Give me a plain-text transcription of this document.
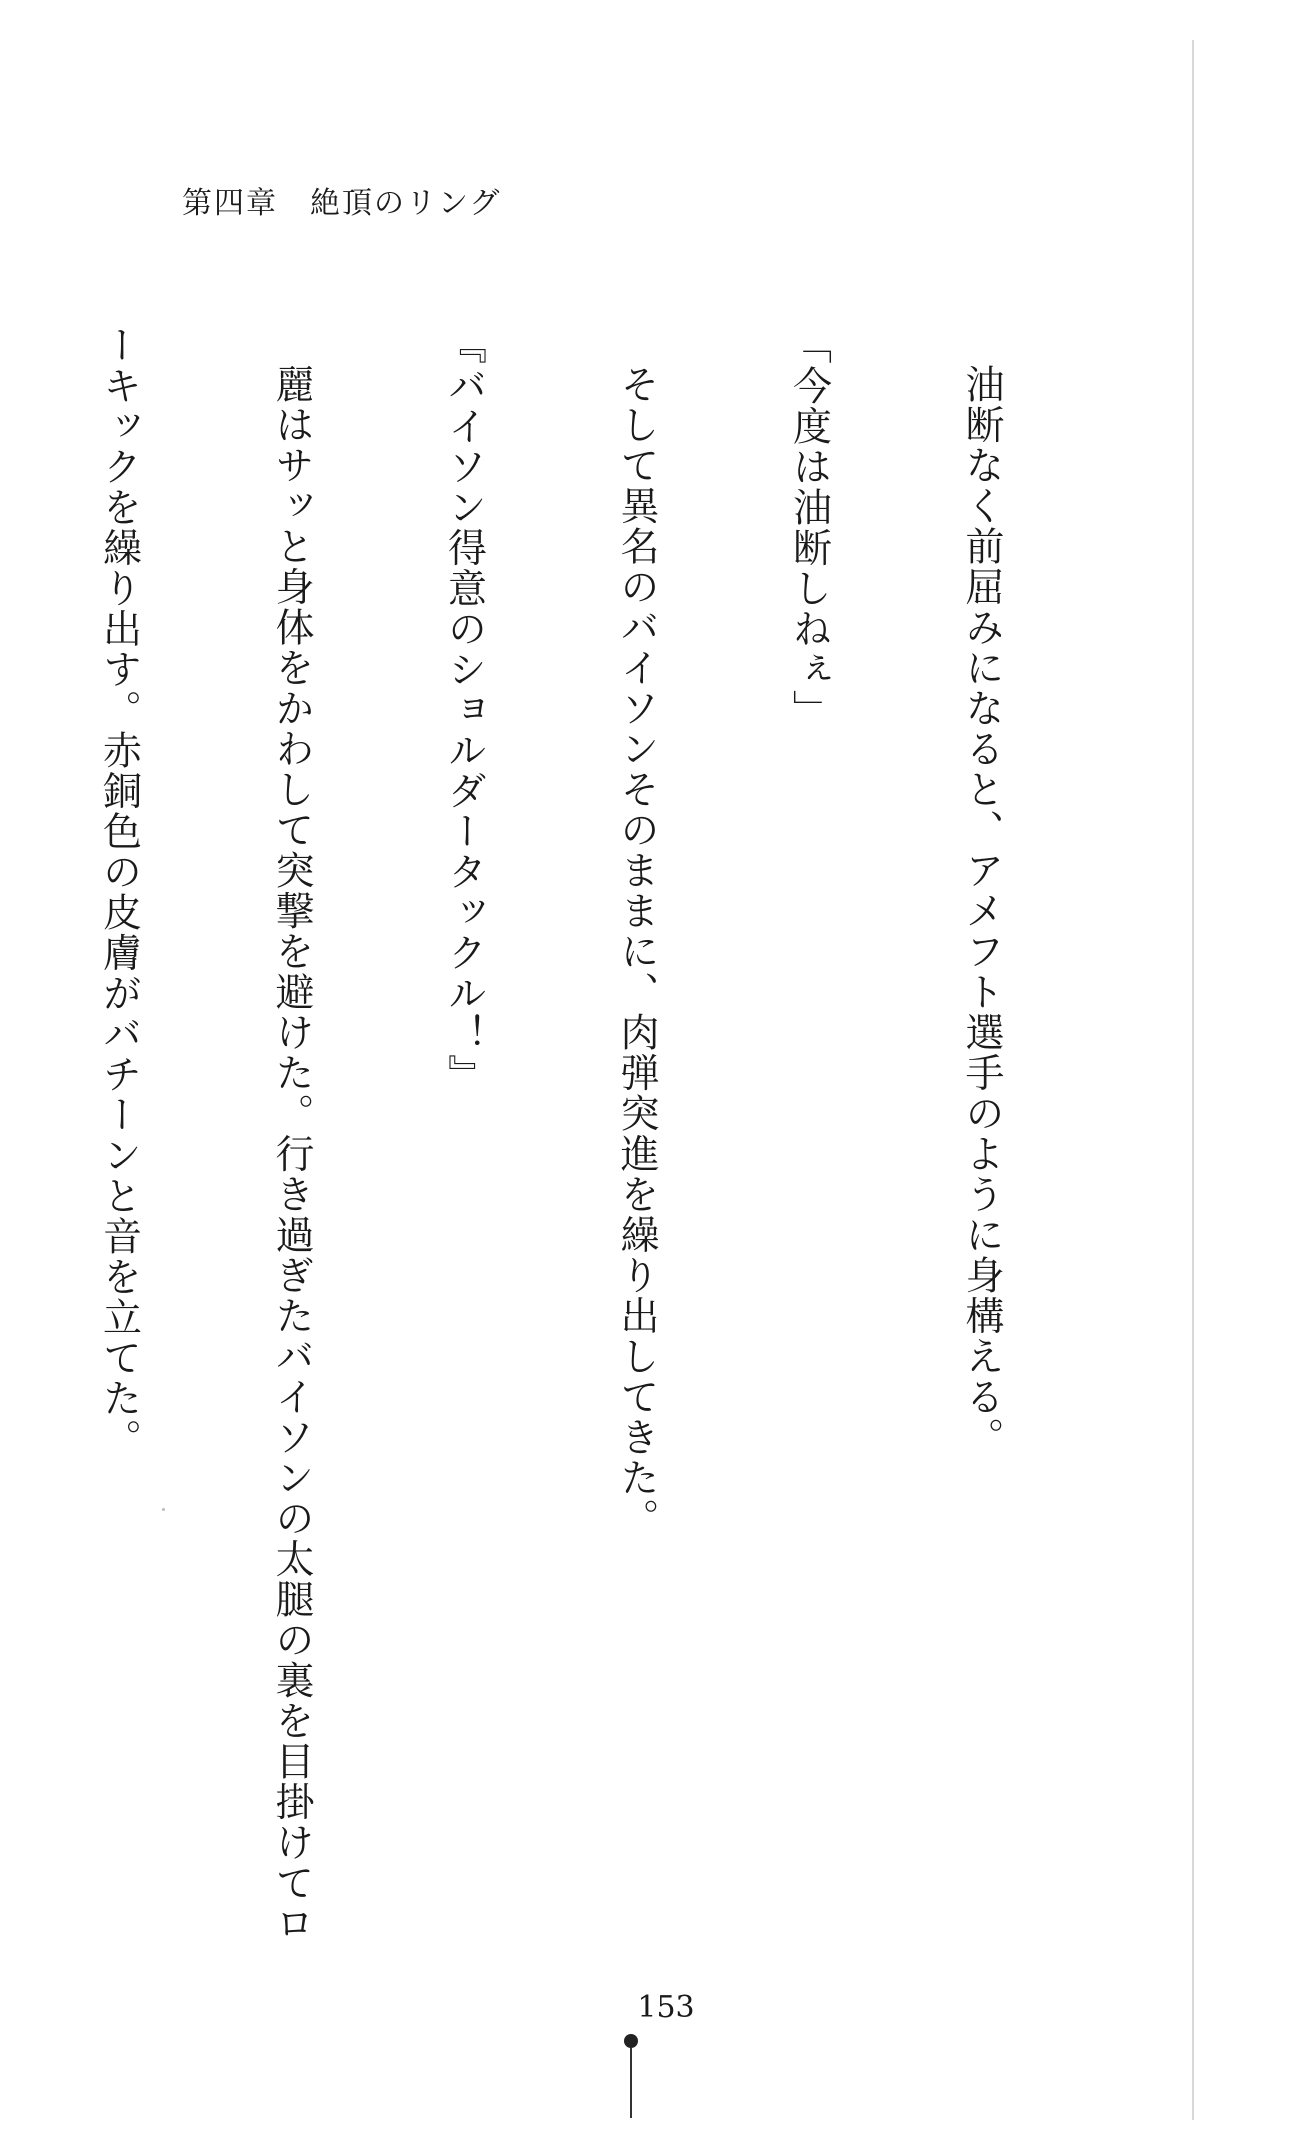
第四章　絶頂のリング

油断なく前屈みになると、アメフト選手のように身構える。

「今度は油断しねぇ」

そして異名のバイソンそのままに、肉弾突進を繰り出してきた。

『バイソン得意のショルダータックル！』

麗はサッと身体をかわして突撃を避けた。行き過ぎたバイソンの太腿の裏を目掛けてロ

ーキックを繰り出す。赤銅色の皮膚がバチーンと音を立てた。

153
